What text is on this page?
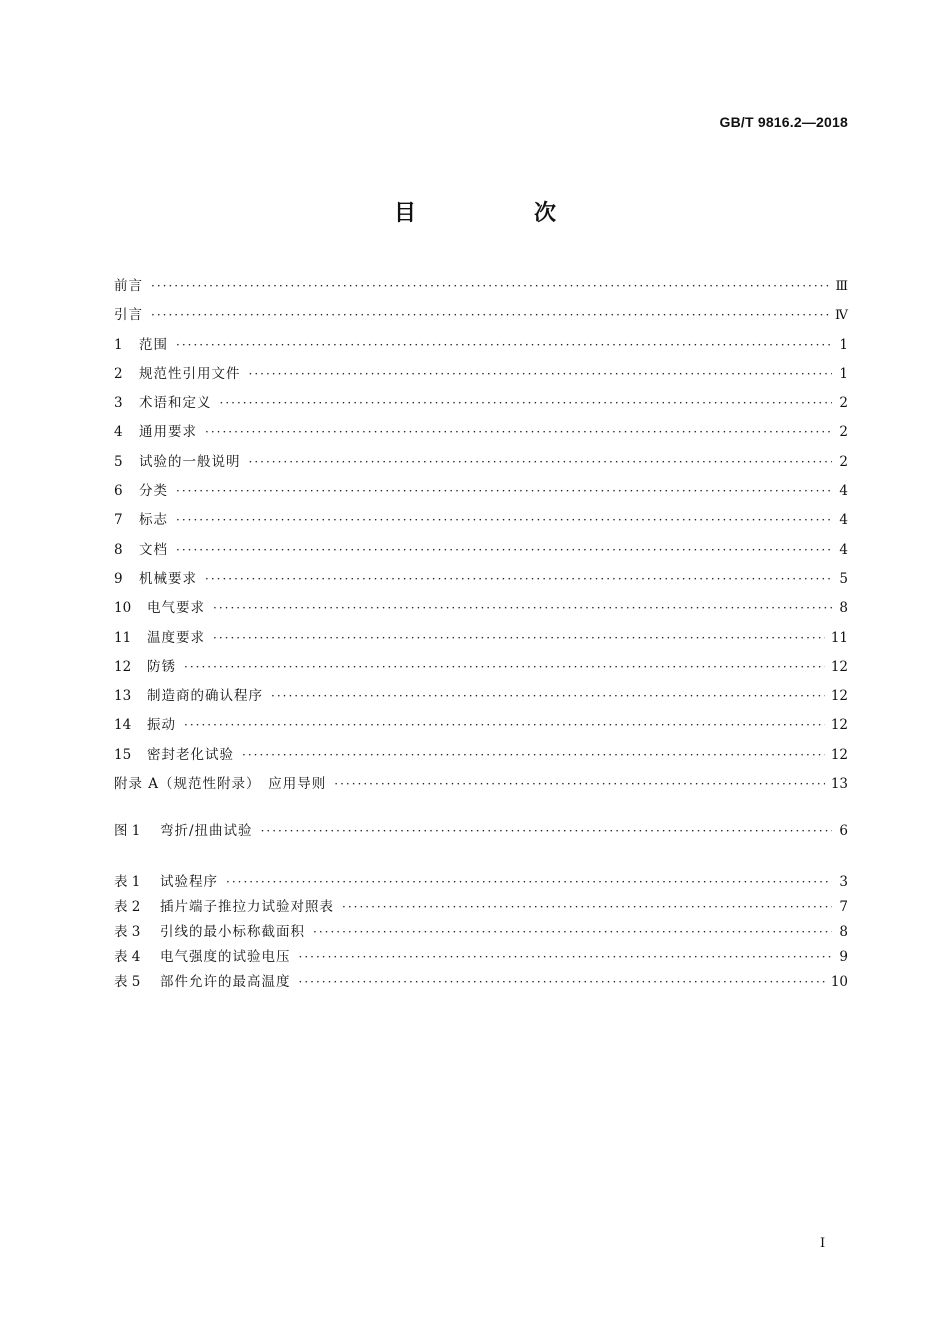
GB/T 9816.2—2018
目　次
前言 ·····	Ⅲ
引言 ·····	Ⅳ
1	范围 ·····	1
2	规范性引用文件 ·····	1
3	术语和定义 ·····	2
4	通用要求 ·····	2
5	试验的一般说明 ·····	2
6	分类 ·····	4
7	标志 ·····	4
8	文档 ·····	4
9	机械要求 ·····	5
10	电气要求 ·····	8
11	温度要求 ·····	11
12	防锈 ·····	12
13	制造商的确认程序 ·····	12
14	振动 ·····	12
15	密封老化试验 ·····	12
附录 A（规范性附录）　应用导则 ·····	13
图 1	弯折/扭曲试验 ·····	6
表 1	试验程序 ·····	3
表 2	插片端子推拉力试验对照表 ·····	7
表 3	引线的最小标称截面积 ·····	8
表 4	电气强度的试验电压 ·····	9
表 5	部件允许的最高温度 ·····	10
Ⅰ
